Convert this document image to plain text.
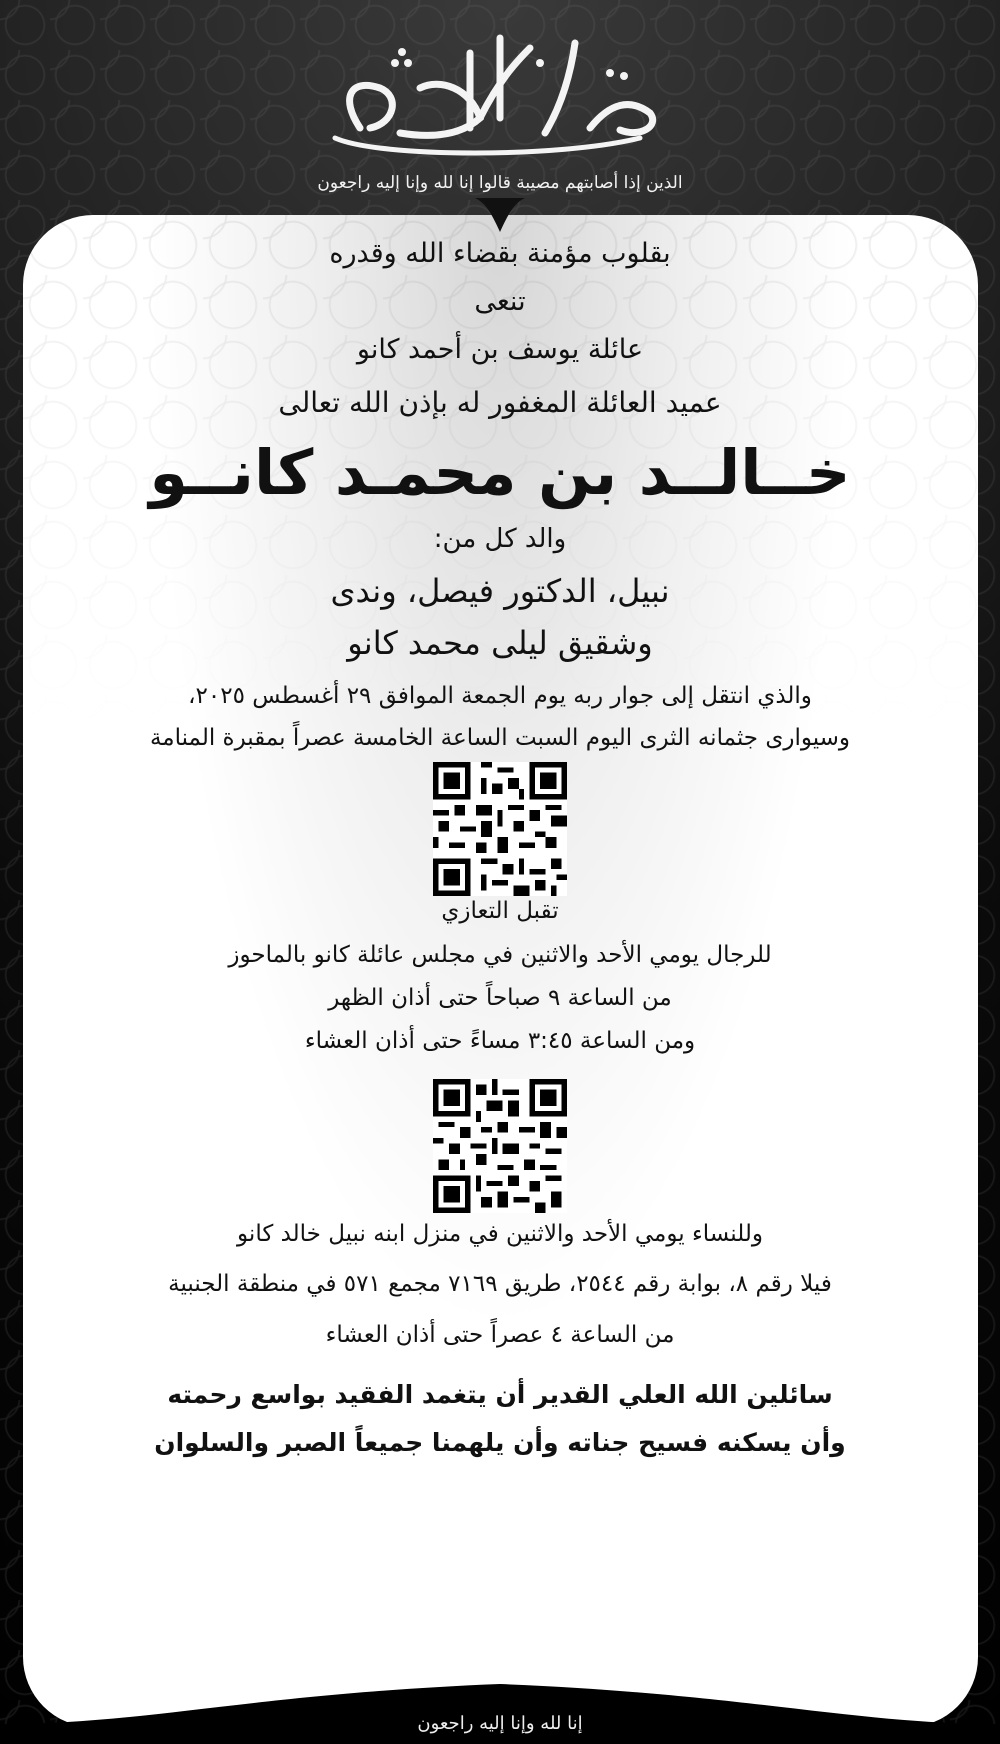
الذين إذا أصابتهم مصيبة قالوا إنا لله وإنا إليه راجعون
بقلوب مؤمنة بقضاء الله وقدره
تنعى
عائلة يوسف بن أحمد كانو
عميد العائلة المغفور له بإذن الله تعالى
خــالــد بن محمـد كانــو
والد كل من:
نبيل، الدكتور فيصل، وندى
وشقيق ليلى محمد كانو
والذي انتقل إلى جوار ربه يوم الجمعة الموافق ٢٩ أغسطس ٢٠٢٥،
وسيوارى جثمانه الثرى اليوم السبت الساعة الخامسة عصراً بمقبرة المنامة
تقبل التعازي
للرجال يومي الأحد والاثنين في مجلس عائلة كانو بالماحوز
من الساعة ٩ صباحاً حتى أذان الظهر
ومن الساعة ٣:٤٥ مساءً حتى أذان العشاء
وللنساء يومي الأحد والاثنين في منزل ابنه نبيل خالد كانو
فيلا رقم ٨، بوابة رقم ٢٥٤٤، طريق ٧١٦٩ مجمع ٥٧١ في منطقة الجنبية
من الساعة ٤ عصراً حتى أذان العشاء
سائلين الله العلي القدير أن يتغمد الفقيد بواسع رحمته
وأن يسكنه فسيح جناته وأن يلهمنا جميعاً الصبر والسلوان
إنا لله وإنا إليه راجعون
